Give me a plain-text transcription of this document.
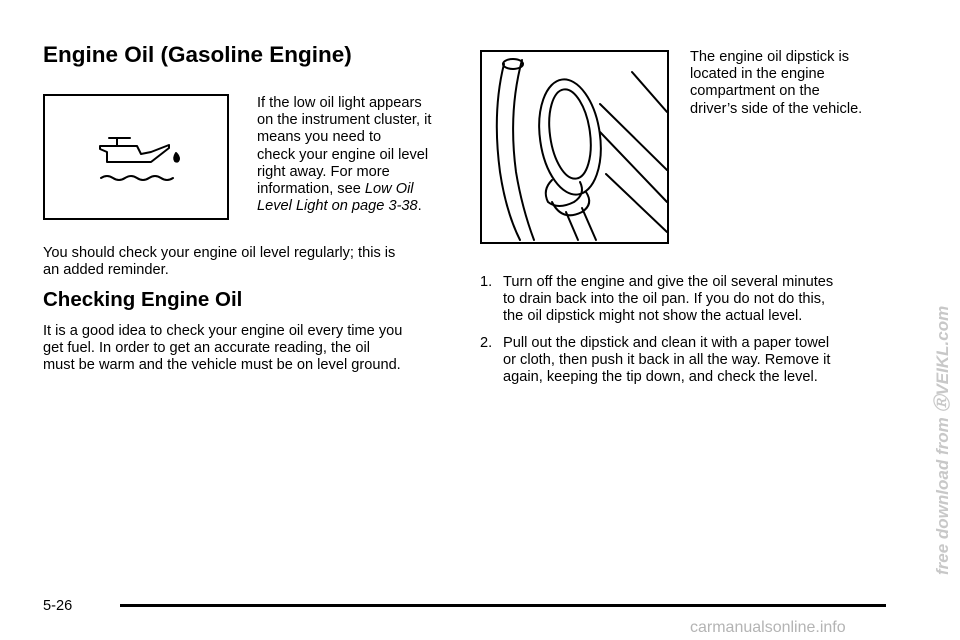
Engine Oil (Gasoline Engine)

If the low oil light appears

on the instrument cluster, it

means you need to

check your engine oil level

right away. For more

information, see Low Oil

Level Light on page 3-38.

You should check your engine oil level regularly; this is
an added reminder.
Checking Engine Oil
It is a good idea to check your engine oil every time you
get fuel. In order to get an accurate reading, the oil
must be warm and the vehicle must be on level ground.
The engine oil dipstick is
located in the engine
compartment on the
driver’s side of the vehicle.
1. Turn off the engine and give the oil several minutes
to drain back into the oil pan. If you do not do this,
the oil dipstick might not show the actual level.
2. Pull out the dipstick and clean it with a paper towel
or cloth, then push it back in all the way. Remove it
again, keeping the tip down, and check the level.
5-26
free download from ⓇVEIKL.com
carmanualsonline.info
